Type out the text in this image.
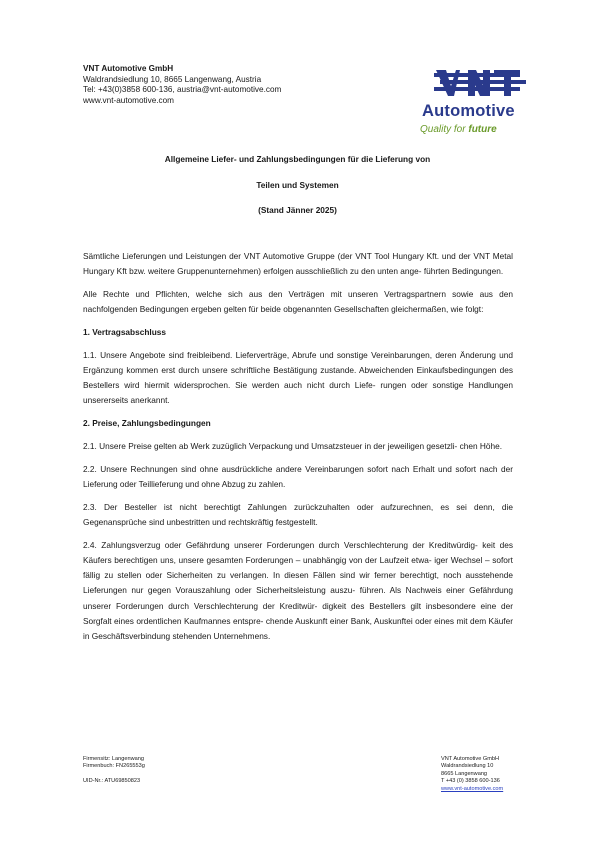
VNT Automotive GmbH
Waldrandsiedlung 10, 8665 Langenwang, Austria
Tel: +43(0)3858 600-136, austria@vnt-automotive.com
www.vnt-automotive.com
Automotive
Quality for future
Allgemeine Liefer- und Zahlungsbedingungen für die Lieferung von
Teilen und Systemen
(Stand Jänner 2025)

Sämtliche Lieferungen und Leistungen der VNT Automotive Gruppe (der VNT Tool Hungary Kft. und der VNT Metal Hungary Kft bzw. weitere Gruppenunternehmen) erfolgen ausschließlich zu den unten ange- führten Bedingungen.

Alle Rechte und Pflichten, welche sich aus den Verträgen mit unseren Vertragspartnern sowie aus den nachfolgenden Bedingungen ergeben gelten für beide obgenannten Gesellschaften gleichermaßen, wie folgt:

1. Vertragsabschluss

1.1. Unsere Angebote sind freibleibend. Lieferverträge, Abrufe und sonstige Vereinbarungen, deren Änderung und Ergänzung kommen erst durch unsere schriftliche Bestätigung zustande. Abweichenden Einkaufsbedingungen des Bestellers wird hiermit widersprochen. Sie werden auch nicht durch Liefe- rungen oder sonstige Handlungen unsererseits anerkannt.

2. Preise, Zahlungsbedingungen

2.1. Unsere Preise gelten ab Werk zuzüglich Verpackung und Umsatzsteuer in der jeweiligen gesetzli- chen Höhe.

2.2. Unsere Rechnungen sind ohne ausdrückliche andere Vereinbarungen sofort nach Erhalt und sofort nach der Lieferung oder Teillieferung und ohne Abzug zu zahlen.

2.3. Der Besteller ist nicht berechtigt Zahlungen zurückzuhalten oder aufzurechnen, es sei denn, die Gegenansprüche sind unbestritten und rechtskräftig festgestellt.

2.4. Zahlungsverzug oder Gefährdung unserer Forderungen durch Verschlechterung der Kreditwürdig- keit des Käufers berechtigen uns, unsere gesamten Forderungen – unabhängig von der Laufzeit etwa- iger Wechsel – sofort fällig zu stellen oder Sicherheiten zu verlangen. In diesen Fällen sind wir ferner berechtigt, noch ausstehende Lieferungen nur gegen Vorauszahlung oder Sicherheitsleistung auszu- führen. Als Nachweis einer Gefährdung unserer Forderungen durch Verschlechterung der Kreditwür- digkeit des Bestellers gilt insbesondere eine der Sorgfalt eines ordentlichen Kaufmannes entspre- chende Auskunft einer Bank, Auskunftei oder eines mit dem Käufer in Geschäftsverbindung stehenden Unternehmens.

Firmensitz: Langenwang
Firmenbuch: FN265553g
UID-Nr.: ATU69850823
VNT Automotive GmbH
Waldrandsiedlung 10
8665 Langenwang
T +43 (0) 3858 600-136
www.vnt-automotive.com
